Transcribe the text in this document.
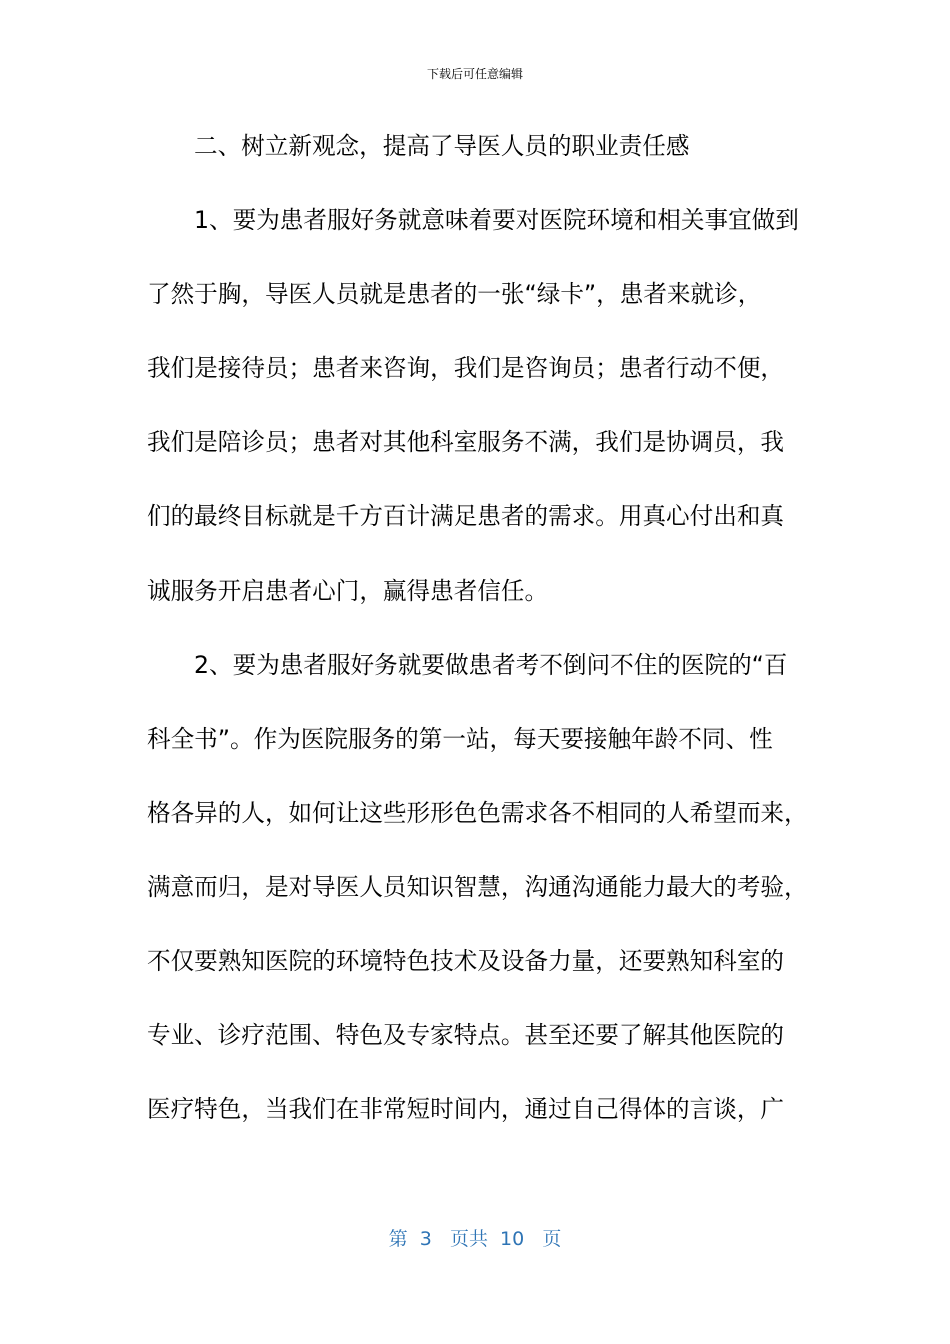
下载后可任意编辑
二、树立新观念，提高了导医人员的职业责任感
1、要为患者服好务就意味着要对医院环境和相关事宜做到
了然于胸，导医人员就是患者的一张“绿卡”，患者来就诊，
我们是接待员；患者来咨询，我们是咨询员；患者行动不便，
我们是陪诊员；患者对其他科室服务不满，我们是协调员，我
们的最终目标就是千方百计满足患者的需求。用真心付出和真
诚服务开启患者心门，赢得患者信任。
2、要为患者服好务就要做患者考不倒问不住的医院的“百
科全书”。作为医院服务的第一站，每天要接触年龄不同、性
格各异的人，如何让这些形形色色需求各不相同的人希望而来，
满意而归，是对导医人员知识智慧，沟通沟通能力最大的考验，
不仅要熟知医院的环境特色技术及设备力量，还要熟知科室的
专业、诊疗范围、特色及专家特点。甚至还要了解其他医院的
医疗特色，当我们在非常短时间内，通过自己得体的言谈，广
第 3 页共 10 页
